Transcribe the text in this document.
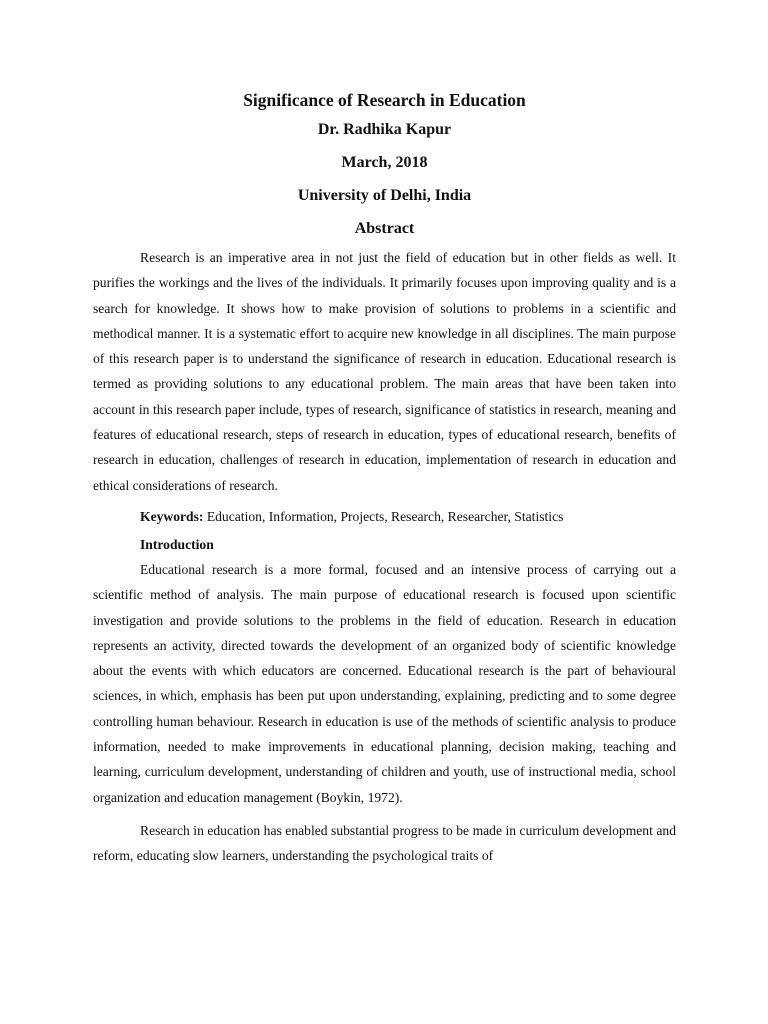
Significance of Research in Education
Dr. Radhika Kapur
March, 2018
University of Delhi, India
Abstract

Research is an imperative area in not just the field of education but in other fields as well. It purifies the workings and the lives of the individuals. It primarily focuses upon improving quality and is a search for knowledge. It shows how to make provision of solutions to problems in a scientific and methodical manner. It is a systematic effort to acquire new knowledge in all disciplines. The main purpose of this research paper is to understand the significance of research in education. Educational research is termed as providing solutions to any educational problem. The main areas that have been taken into account in this research paper include, types of research, significance of statistics in research, meaning and features of educational research, steps of research in education, types of educational research, benefits of research in education, challenges of research in education, implementation of research in education and ethical considerations of research.

Keywords: Education, Information, Projects, Research, Researcher, Statistics

Introduction

Educational research is a more formal, focused and an intensive process of carrying out a scientific method of analysis. The main purpose of educational research is focused upon scientific investigation and provide solutions to the problems in the field of education. Research in education represents an activity, directed towards the development of an organized body of scientific knowledge about the events with which educators are concerned. Educational research is the part of behavioural sciences, in which, emphasis has been put upon understanding, explaining, predicting and to some degree controlling human behaviour. Research in education is use of the methods of scientific analysis to produce information, needed to make improvements in educational planning, decision making, teaching and learning, curriculum development, understanding of children and youth, use of instructional media, school organization and education management (Boykin, 1972).

Research in education has enabled substantial progress to be made in curriculum development and reform, educating slow learners, understanding the psychological traits of
